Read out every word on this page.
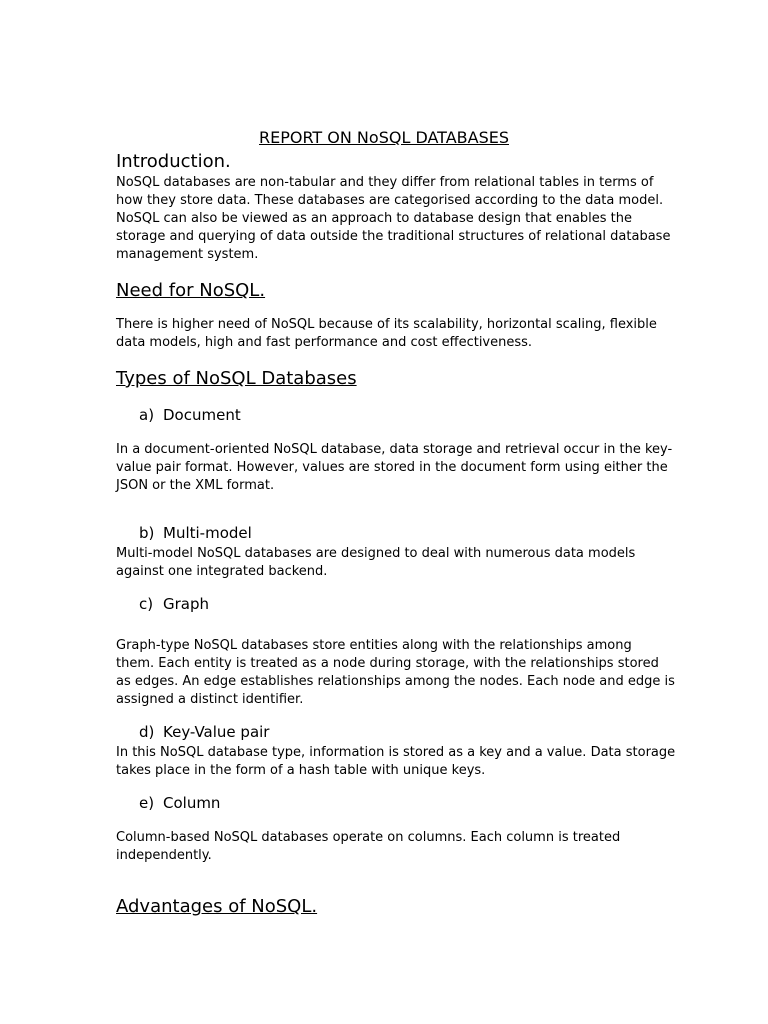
REPORT ON NoSQL DATABASES
Introduction.
NoSQL databases are non-tabular and they differ from relational tables in terms of
how they store data. These databases are categorised according to the data model.
NoSQL can also be viewed as an approach to database design that enables the
storage and querying of data outside the traditional structures of relational database
management system.
Need for NoSQL.
There is higher need of NoSQL because of its scalability, horizontal scaling, flexible
data models, high and fast performance and cost effectiveness.
Types of NoSQL Databases
a) Document
In a document-oriented NoSQL database, data storage and retrieval occur in the key-
value pair format. However, values are stored in the document form using either the
JSON or the XML format.
b) Multi-model
Multi-model NoSQL databases are designed to deal with numerous data models
against one integrated backend.
c) Graph
Graph-type NoSQL databases store entities along with the relationships among
them. Each entity is treated as a node during storage, with the relationships stored
as edges. An edge establishes relationships among the nodes. Each node and edge is
assigned a distinct identifier.
d) Key-Value pair
In this NoSQL database type, information is stored as a key and a value. Data storage
takes place in the form of a hash table with unique keys.
e) Column
Column-based NoSQL databases operate on columns. Each column is treated
independently.
Advantages of NoSQL.
